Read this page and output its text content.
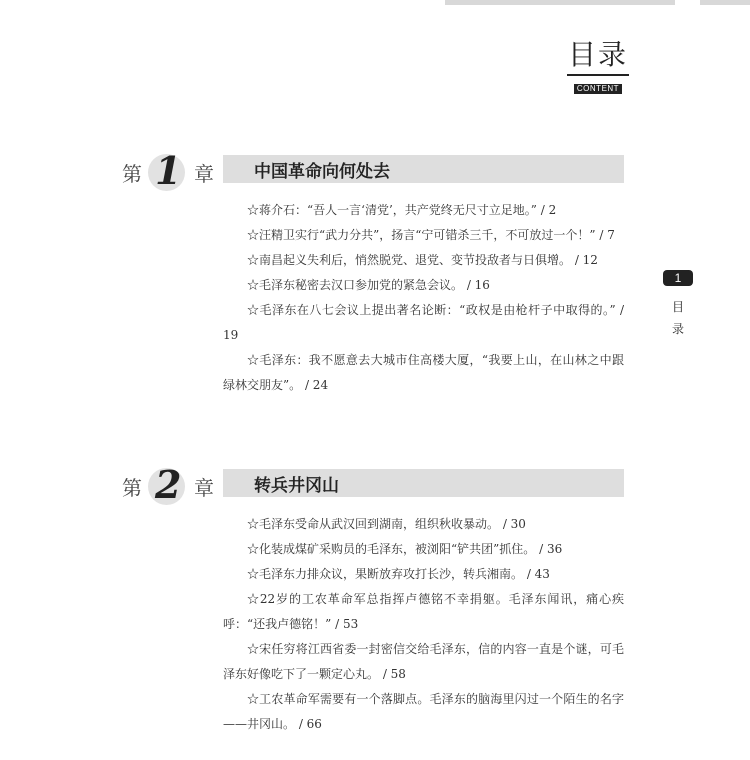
目录
CONTENT
第 1 章 中国革命向何处去
☆蒋介石：“吾人一言‘清党’，共产党终无尺寸立足地。” / 2
☆汪精卫实行“武力分共”，扬言“宁可错杀三千，不可放过一个！” / 7
☆南昌起义失利后，悄然脱党、退党、变节投敌者与日俱增。 / 12
☆毛泽东秘密去汉口参加党的紧急会议。 / 16
☆毛泽东在八七会议上提出著名论断：“政权是由枪杆子中取得的。” / 19
☆毛泽东：我不愿意去大城市住高楼大厦，“我要上山，在山林之中跟绿林交朋友”。 / 24
第 2 章 转兵井冈山
☆毛泽东受命从武汉回到湖南，组织秋收暴动。 / 30
☆化装成煤矿采购员的毛泽东，被浏阳“铲共团”抓住。 / 36
☆毛泽东力排众议，果断放弃攻打长沙，转兵湘南。 / 43
☆22岁的工农革命军总指挥卢德铭不幸捐躯。毛泽东闻讯，痛心疾呼：“还我卢德铭！” / 53
☆宋任穷将江西省委一封密信交给毛泽东，信的内容一直是个谜，可毛泽东好像吃下了一颗定心丸。 / 58
☆工农革命军需要有一个落脚点。毛泽东的脑海里闪过一个陌生的名字——井冈山。 / 66
1
目
录
